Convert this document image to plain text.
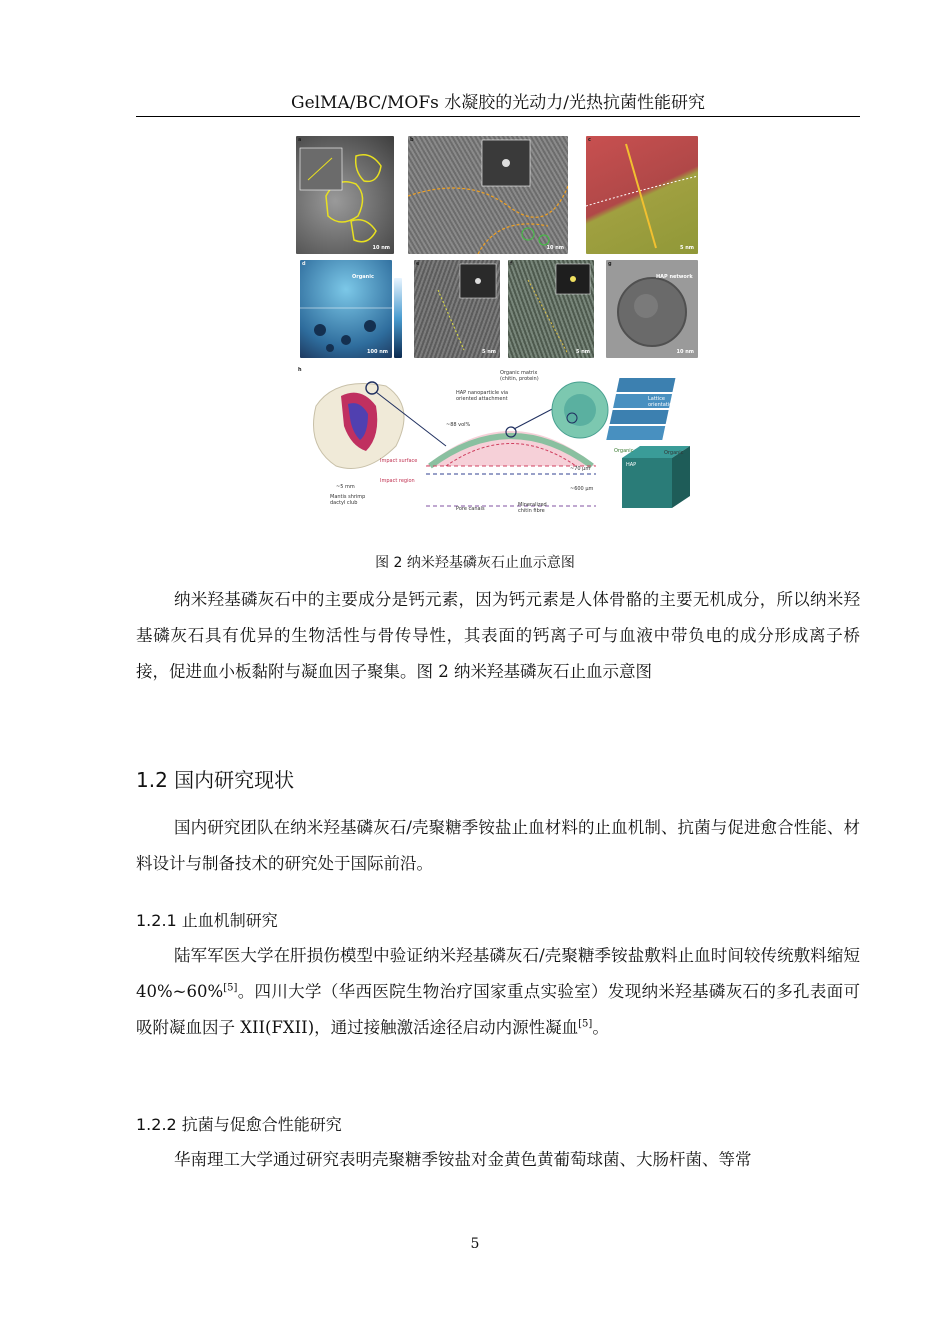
GelMA/BC/MOFs 水凝胶的光动力/光热抗菌性能研究
a
10 nm
b
10 nm
c
5 nm
d
Organic
100 nm
e
5 nm
f
5 nm
g
HAP network
10 nm
h
~5 mm
Mantis shrimp dactyl club
Organic matrix (chitin, protein)
HAP nanoparticle via oriented attachment
~88 vol%
Impact surface
Impact region
Pore canals
Mineralized chitin fibre
~70 μm
~600 μm
Lattice orientation
Organic	Organic
HAP
图 2 纳米羟基磷灰石止血示意图

纳米羟基磷灰石中的主要成分是钙元素，因为钙元素是人体骨骼的主要无机成分，所以纳米羟基磷灰石具有优异的生物活性与骨传导性，其表面的钙离子可与血液中带负电的成分形成离子桥接，促进血小板黏附与凝血因子聚集。图 2 纳米羟基磷灰石止血示意图

1.2 国内研究现状

国内研究团队在纳米羟基磷灰石/壳聚糖季铵盐止血材料的止血机制、抗菌与促进愈合性能、材料设计与制备技术的研究处于国际前沿。

1.2.1 止血机制研究

陆军军医大学在肝损伤模型中验证纳米羟基磷灰石/壳聚糖季铵盐敷料止血时间较传统敷料缩短 40%~60%[5]。四川大学（华西医院生物治疗国家重点实验室）发现纳米羟基磷灰石的多孔表面可吸附凝血因子 XII(FXII)，通过接触激活途径启动内源性凝血[5]。

1.2.2 抗菌与促愈合性能研究

华南理工大学通过研究表明壳聚糖季铵盐对金黄色黄葡萄球菌、大肠杆菌、等常

5
